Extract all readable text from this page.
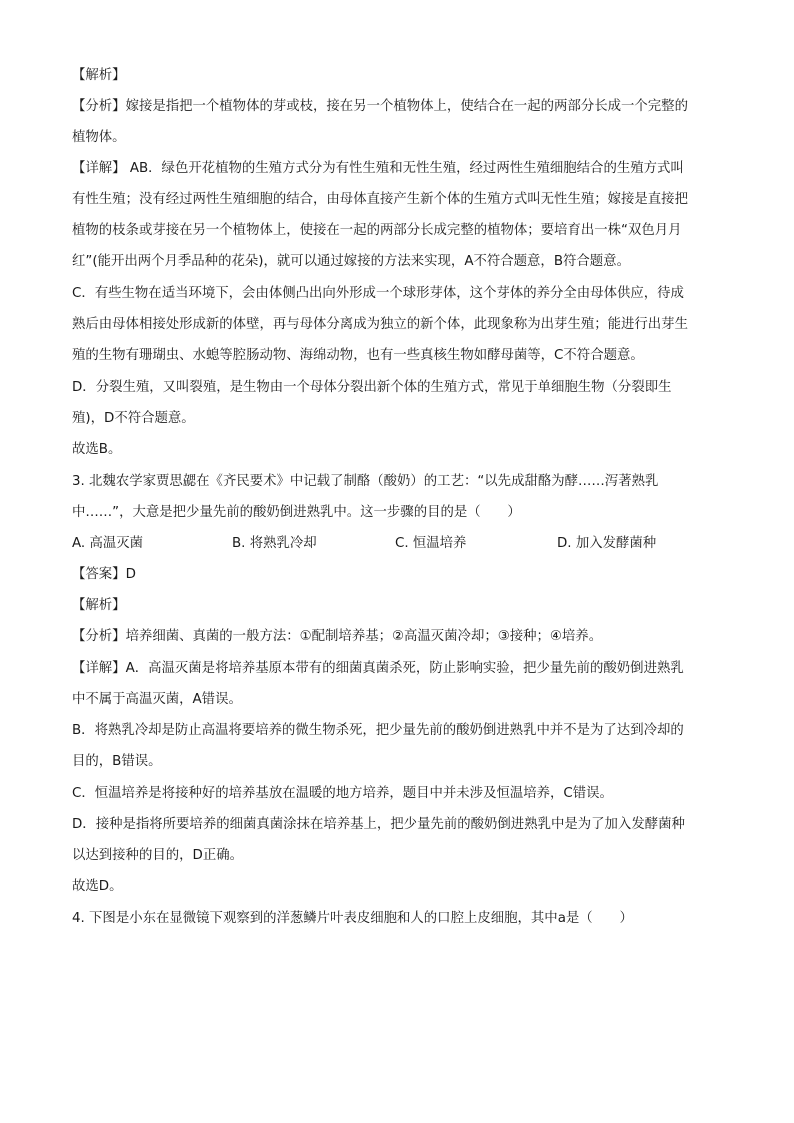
【解析】
【分析】嫁接是指把一个植物体的芽或枝，接在另一个植物体上，使结合在一起的两部分长成一个完整的
植物体。
【详解】 AB．绿色开花植物的生殖方式分为有性生殖和无性生殖，经过两性生殖细胞结合的生殖方式叫
有性生殖；没有经过两性生殖细胞的结合，由母体直接产生新个体的生殖方式叫无性生殖；嫁接是直接把
植物的枝条或芽接在另一个植物体上，使接在一起的两部分长成完整的植物体；要培育出一株“双色月月
红”(能开出两个月季品种的花朵)，就可以通过嫁接的方法来实现，A不符合题意，B符合题意。
C．有些生物在适当环境下，会由体侧凸出向外形成一个球形芽体，这个芽体的养分全由母体供应，待成
熟后由母体相接处形成新的体壁，再与母体分离成为独立的新个体，此现象称为出芽生殖；能进行出芽生
殖的生物有珊瑚虫、水螅等腔肠动物、海绵动物，也有一些真核生物如酵母菌等，C不符合题意。
D．分裂生殖，又叫裂殖，是生物由一个母体分裂出新个体的生殖方式，常见于单细胞生物（分裂即生
殖)，D不符合题意。
故选B。
3. 北魏农学家贾思勰在《齐民要术》中记载了制酪（酸奶）的工艺：“以先成甜酪为酵……泻著熟乳
中……”，大意是把少量先前的酸奶倒进熟乳中。这一步骤的目的是（　　）
A. 高温灭菌	B. 将熟乳冷却	C. 恒温培养	D. 加入发酵菌种
【答案】D
【解析】
【分析】培养细菌、真菌的一般方法：①配制培养基；②高温灭菌冷却；③接种；④培养。
【详解】A．高温灭菌是将培养基原本带有的细菌真菌杀死，防止影响实验，把少量先前的酸奶倒进熟乳
中不属于高温灭菌，A错误。
B．将熟乳冷却是防止高温将要培养的微生物杀死，把少量先前的酸奶倒进熟乳中并不是为了达到冷却的
目的，B错误。
C．恒温培养是将接种好的培养基放在温暖的地方培养，题目中并未涉及恒温培养，C错误。
D．接种是指将所要培养的细菌真菌涂抹在培养基上，把少量先前的酸奶倒进熟乳中是为了加入发酵菌种
以达到接种的目的，D正确。
故选D。
4. 下图是小东在显微镜下观察到的洋葱鳞片叶表皮细胞和人的口腔上皮细胞，其中a是（　　）
